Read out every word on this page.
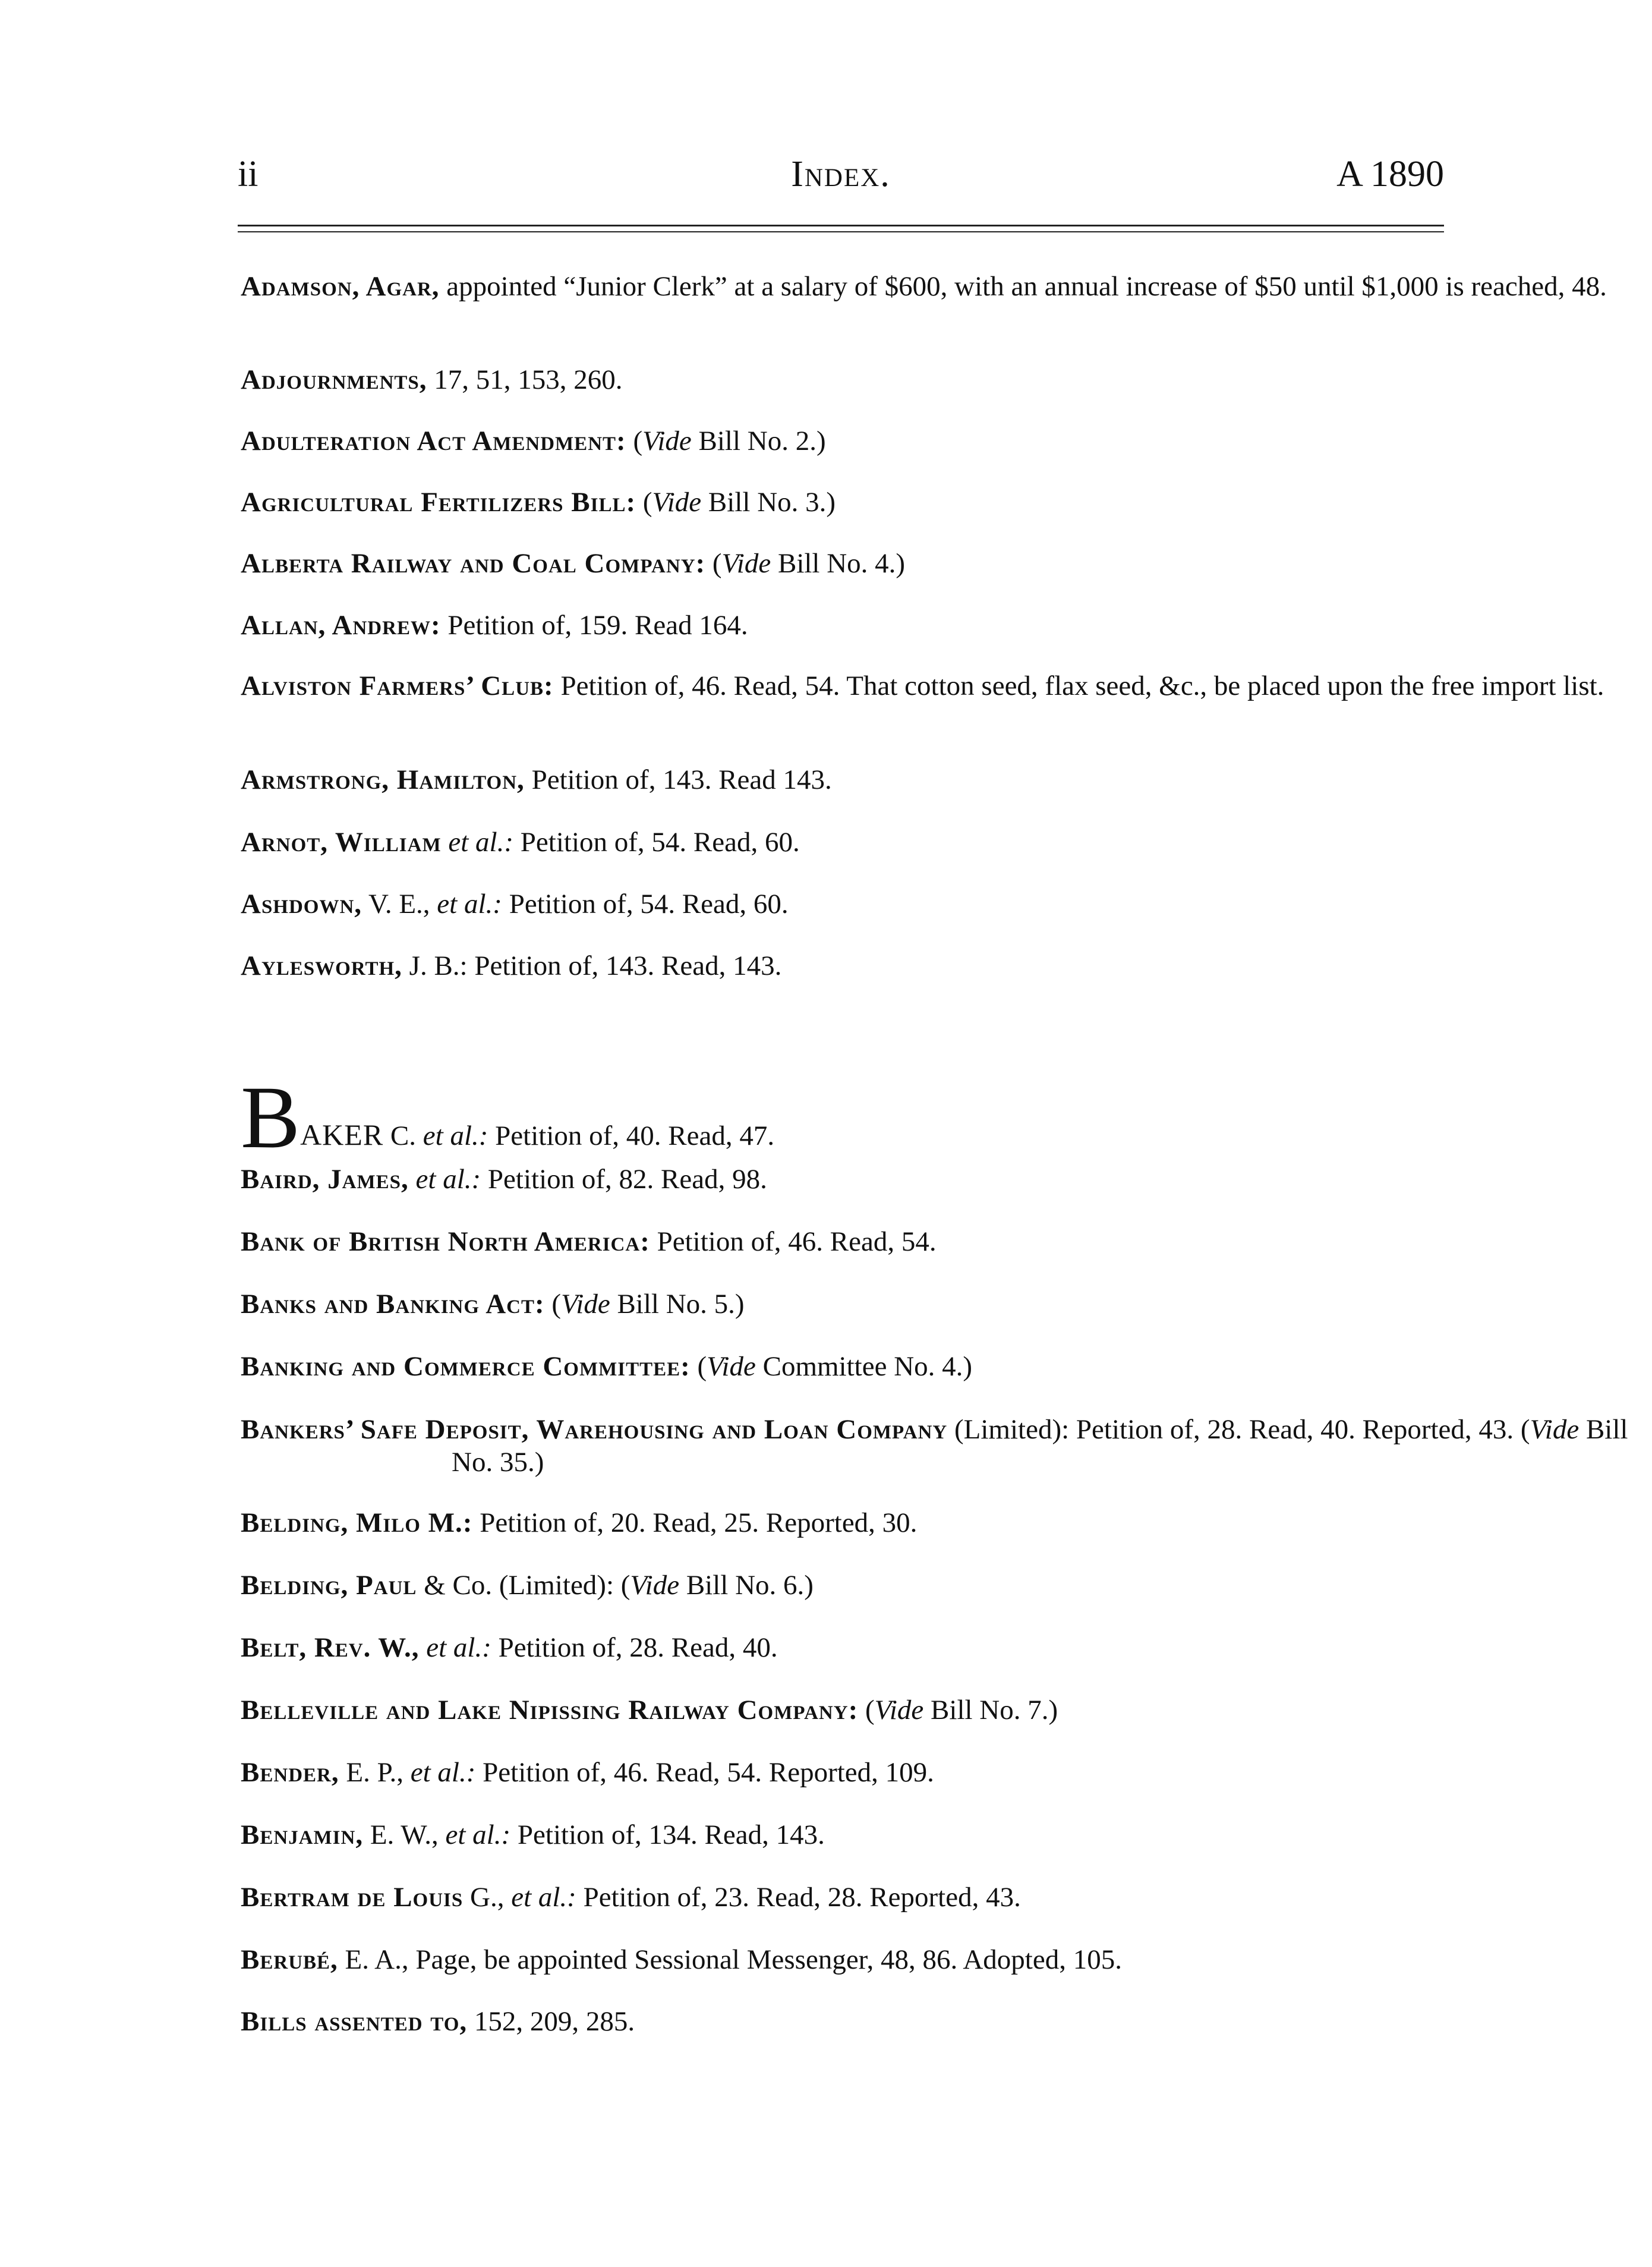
ii	Index.	A 1890
Adamson, Agar, appointed “Junior Clerk” at a salary of $600, with an annual increase of $50 until $1,000 is reached, 48.
Adjournments, 17, 51, 153, 260.
Adulteration Act Amendment: (Vide Bill No. 2.)
Agricultural Fertilizers Bill: (Vide Bill No. 3.)
Alberta Railway and Coal Company: (Vide Bill No. 4.)
Allan, Andrew: Petition of, 159. Read 164.
Alviston Farmers’ Club: Petition of, 46. Read, 54. That cotton seed, flax seed, &c., be placed upon the free import list.
Armstrong, Hamilton, Petition of, 143. Read 143.
Arnot, William et al.: Petition of, 54. Read, 60.
Ashdown, V. E., et al.: Petition of, 54. Read, 60.
Aylesworth, J. B.: Petition of, 143. Read, 143.
BAKER C. et al.: Petition of, 40. Read, 47.
Baird, James, et al.: Petition of, 82. Read, 98.
Bank of British North America: Petition of, 46. Read, 54.
Banks and Banking Act: (Vide Bill No. 5.)
Banking and Commerce Committee: (Vide Committee No. 4.)
Bankers’ Safe Deposit, Warehousing and Loan Company (Limited): Petition of, 28. Read, 40. Reported, 43. (Vide Bill No. 35.)
Belding, Milo M.: Petition of, 20. Read, 25. Reported, 30.
Belding, Paul & Co. (Limited): (Vide Bill No. 6.)
Belt, Rev. W., et al.: Petition of, 28. Read, 40.
Belleville and Lake Nipissing Railway Company: (Vide Bill No. 7.)
Bender, E. P., et al.: Petition of, 46. Read, 54. Reported, 109.
Benjamin, E. W., et al.: Petition of, 134. Read, 143.
Bertram de Louis G., et al.: Petition of, 23. Read, 28. Reported, 43.
Berubé, E. A., Page, be appointed Sessional Messenger, 48, 86. Adopted, 105.
Bills assented to, 152, 209, 285.
